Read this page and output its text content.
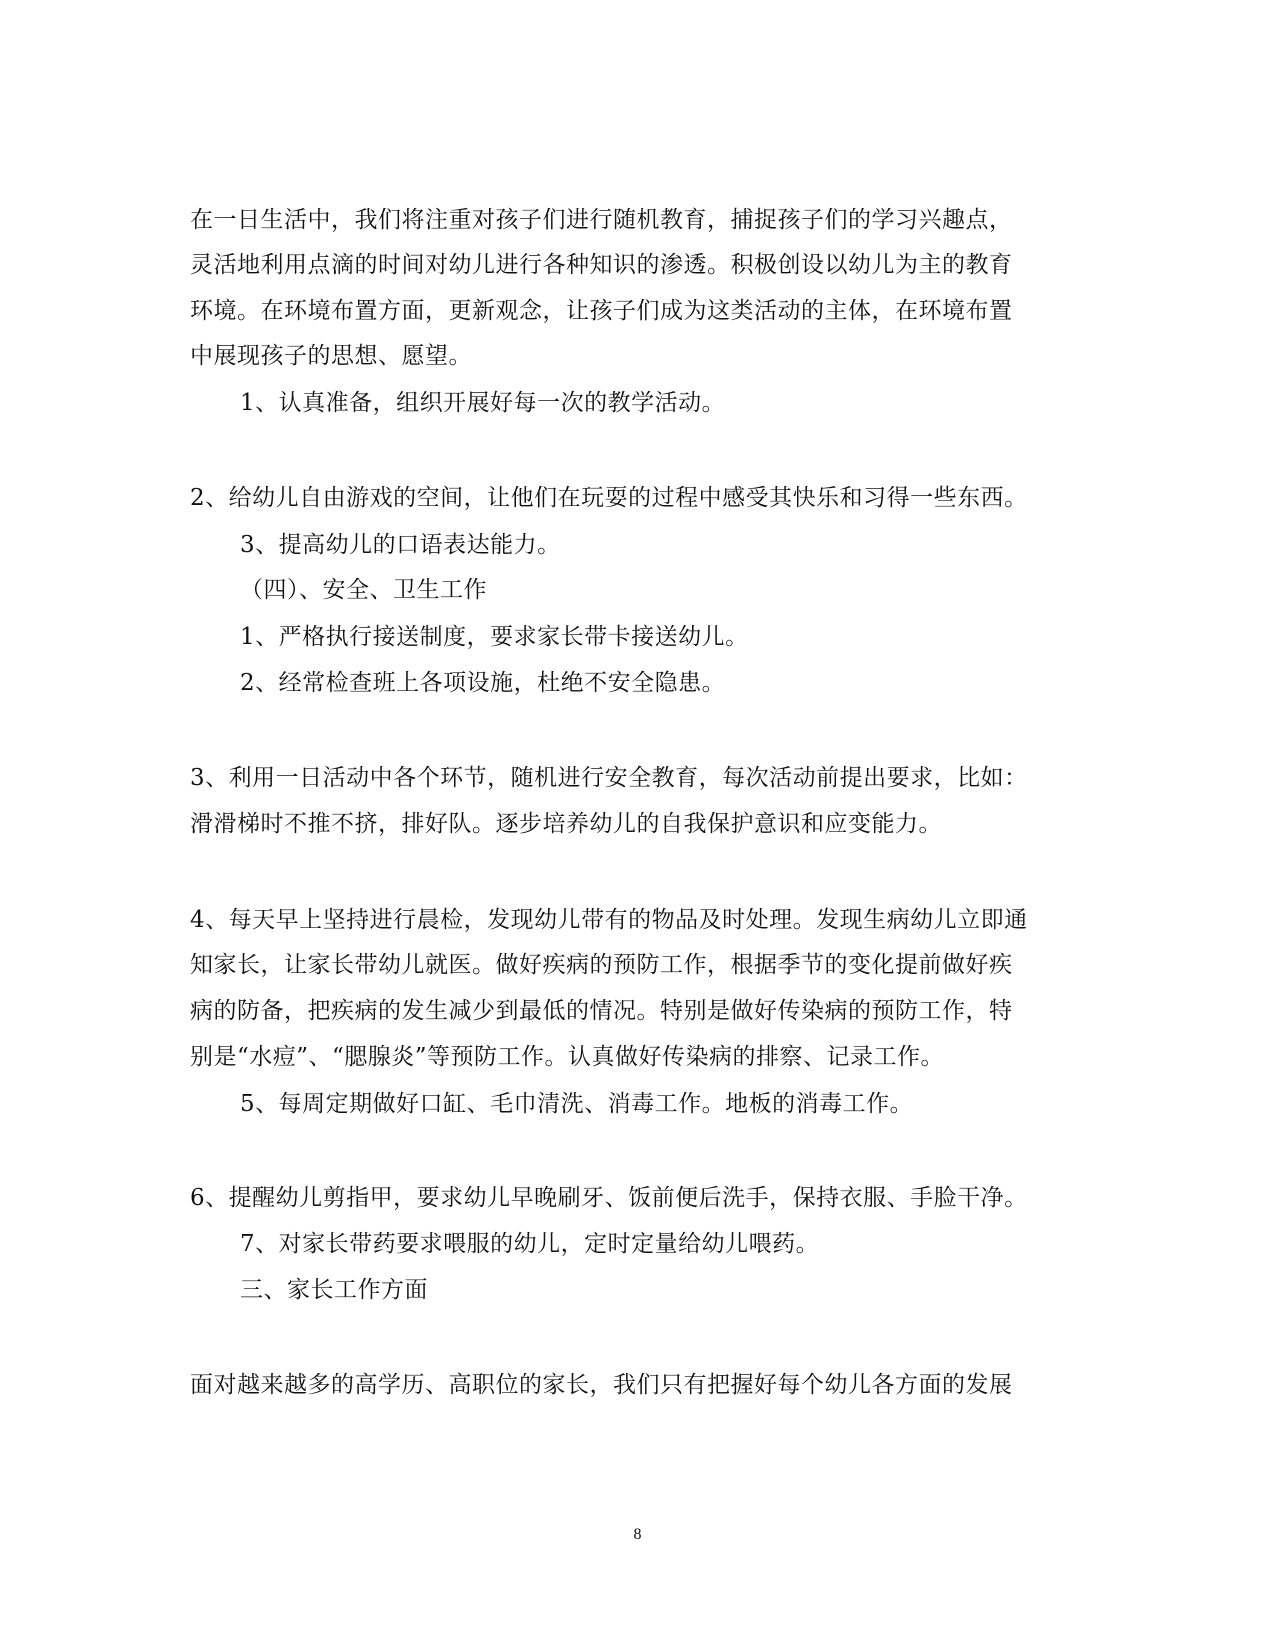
在一日生活中，我们将注重对孩子们进行随机教育，捕捉孩子们的学习兴趣点，
灵活地利用点滴的时间对幼儿进行各种知识的渗透。积极创设以幼儿为主的教育
环境。在环境布置方面，更新观念，让孩子们成为这类活动的主体，在环境布置
中展现孩子的思想、愿望。
1、认真准备，组织开展好每一次的教学活动。
2、给幼儿自由游戏的空间，让他们在玩耍的过程中感受其快乐和习得一些东西。
3、提高幼儿的口语表达能力。
（四）、安全、卫生工作
1、严格执行接送制度，要求家长带卡接送幼儿。
2、经常检查班上各项设施，杜绝不安全隐患。
3、利用一日活动中各个环节，随机进行安全教育，每次活动前提出要求，比如：
滑滑梯时不推不挤，排好队。逐步培养幼儿的自我保护意识和应变能力。
4、每天早上坚持进行晨检，发现幼儿带有的物品及时处理。发现生病幼儿立即通
知家长，让家长带幼儿就医。做好疾病的预防工作，根据季节的变化提前做好疾
病的防备，把疾病的发生减少到最低的情况。特别是做好传染病的预防工作，特
别是“水痘”、“腮腺炎”等预防工作。认真做好传染病的排察、记录工作。
5、每周定期做好口缸、毛巾清洗、消毒工作。地板的消毒工作。
6、提醒幼儿剪指甲，要求幼儿早晚刷牙、饭前便后洗手，保持衣服、手脸干净。
7、对家长带药要求喂服的幼儿，定时定量给幼儿喂药。
三、家长工作方面
面对越来越多的高学历、高职位的家长，我们只有把握好每个幼儿各方面的发展
8
